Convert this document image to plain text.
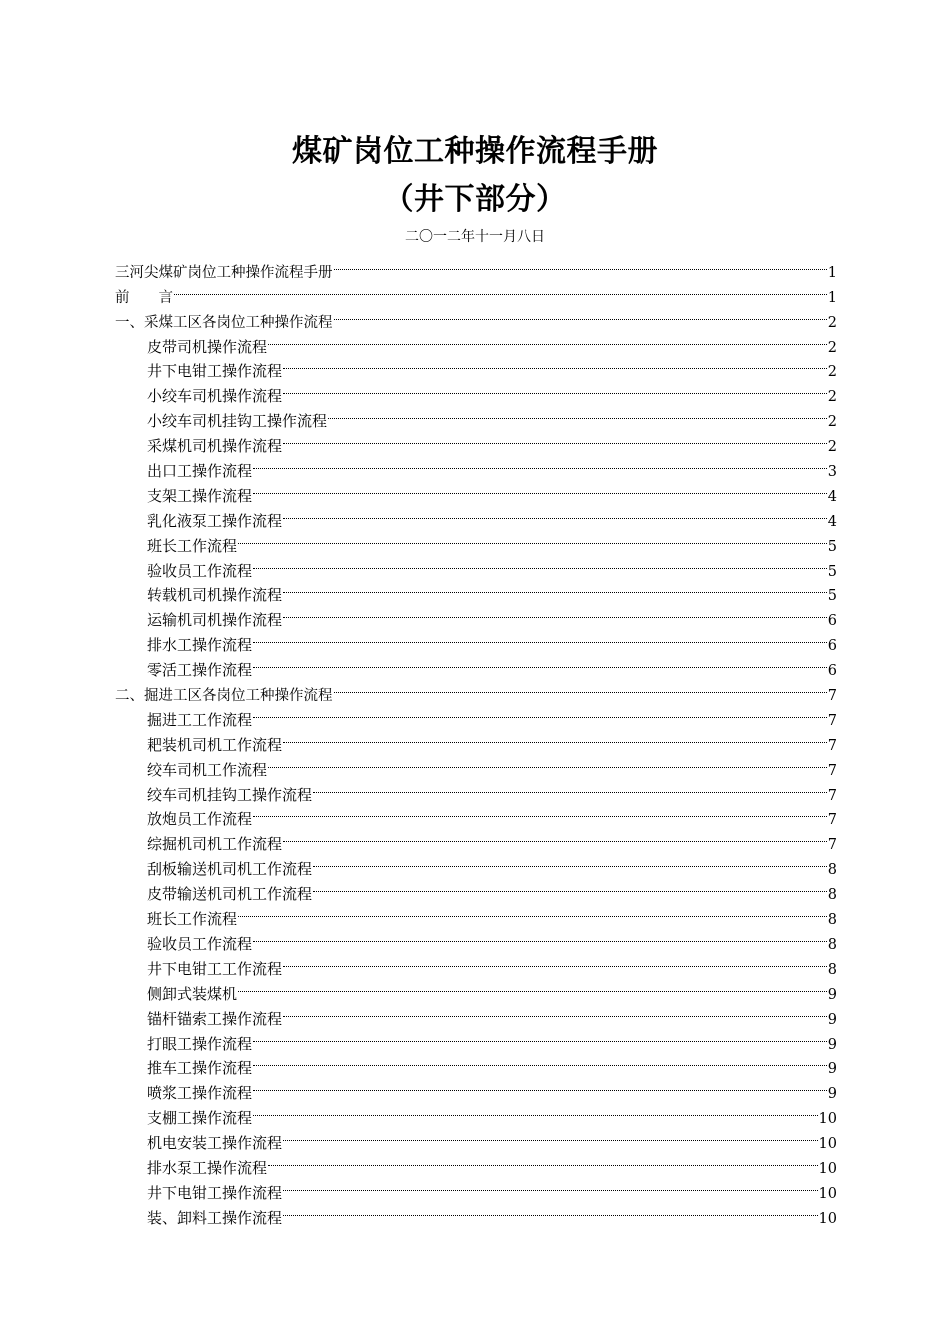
煤矿岗位工种操作流程手册
（井下部分）
二〇一二年十一月八日
三河尖煤矿岗位工种操作流程手册	1
前　　言	1
一、采煤工区各岗位工种操作流程	2
皮带司机操作流程	2
井下电钳工操作流程	2
小绞车司机操作流程	2
小绞车司机挂钩工操作流程	2
采煤机司机操作流程	2
出口工操作流程	3
支架工操作流程	4
乳化液泵工操作流程	4
班长工作流程	5
验收员工作流程	5
转载机司机操作流程	5
运输机司机操作流程	6
排水工操作流程	6
零活工操作流程	6
二、掘进工区各岗位工种操作流程	7
掘进工工作流程	7
耙装机司机工作流程	7
绞车司机工作流程	7
绞车司机挂钩工操作流程	7
放炮员工作流程	7
综掘机司机工作流程	7
刮板输送机司机工作流程	8
皮带输送机司机工作流程	8
班长工作流程	8
验收员工作流程	8
井下电钳工工作流程	8
侧卸式装煤机	9
锚杆锚索工操作流程	9
打眼工操作流程	9
推车工操作流程	9
喷浆工操作流程	9
支棚工操作流程	10
机电安装工操作流程	10
排水泵工操作流程	10
井下电钳工操作流程	10
装、卸料工操作流程	10
